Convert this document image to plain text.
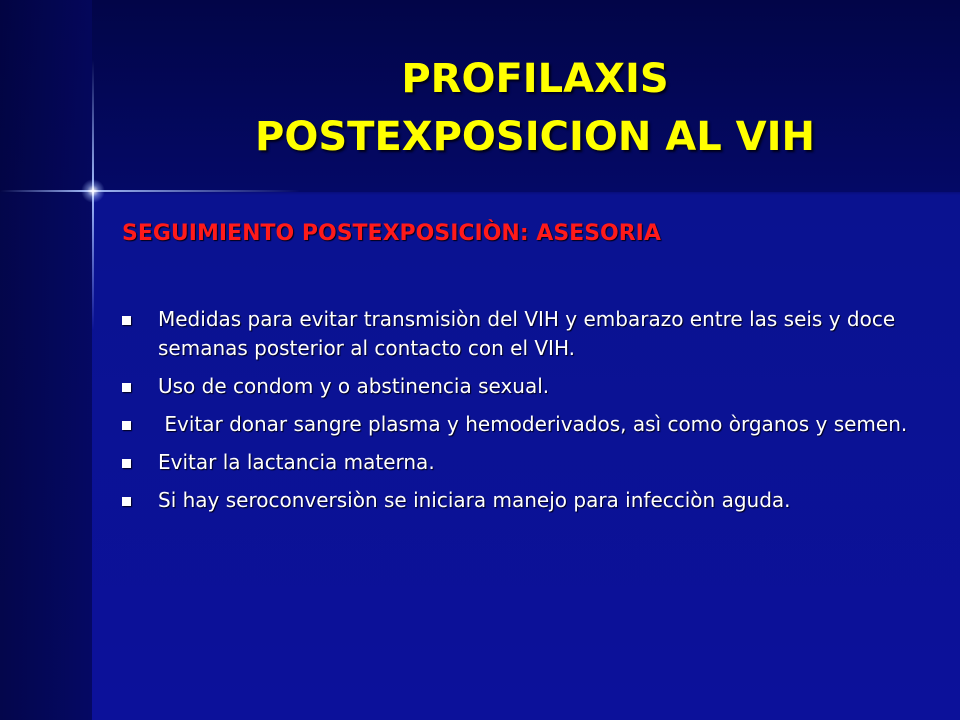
PROFILAXIS
POSTEXPOSICION AL VIH
SEGUIMIENTO POSTEXPOSICIÒN: ASESORIA
Medidas para evitar transmisiòn del VIH y embarazo entre las seis y doce semanas posterior al contacto con el VIH.
Uso de condom y o abstinencia sexual.
Evitar donar sangre plasma y hemoderivados, asì como òrganos y semen.
Evitar la lactancia materna.
Si hay seroconversiòn se iniciara manejo para infecciòn aguda.
